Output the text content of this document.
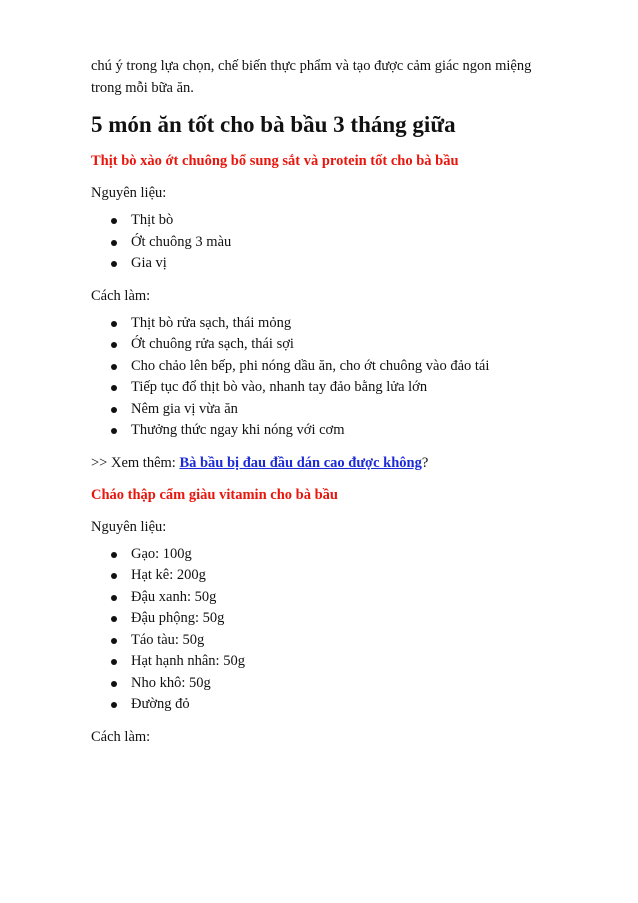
chú ý trong lựa chọn, chế biến thực phẩm và tạo được cảm giác ngon miệng
trong mỗi bữa ăn.

5 món ăn tốt cho bà bầu 3 tháng giữa
Thịt bò xào ớt chuông bổ sung sắt và protein tốt cho bà bầu

Nguyên liệu:

Thịt bò
Ớt chuông 3 màu
Gia vị

Cách làm:

Thịt bò rửa sạch, thái mỏng
Ớt chuông rửa sạch, thái sợi
Cho chảo lên bếp, phi nóng dầu ăn, cho ớt chuông vào đảo tái
Tiếp tục đổ thịt bò vào, nhanh tay đảo bằng lửa lớn
Nêm gia vị vừa ăn
Thưởng thức ngay khi nóng với cơm

>> Xem thêm: Bà bầu bị đau đầu dán cao được không?

Cháo thập cẩm giàu vitamin cho bà bầu

Nguyên liệu:

Gạo: 100g
Hạt kê: 200g
Đậu xanh: 50g
Đậu phộng: 50g
Táo tàu: 50g
Hạt hạnh nhân: 50g
Nho khô: 50g
Đường đỏ

Cách làm:
